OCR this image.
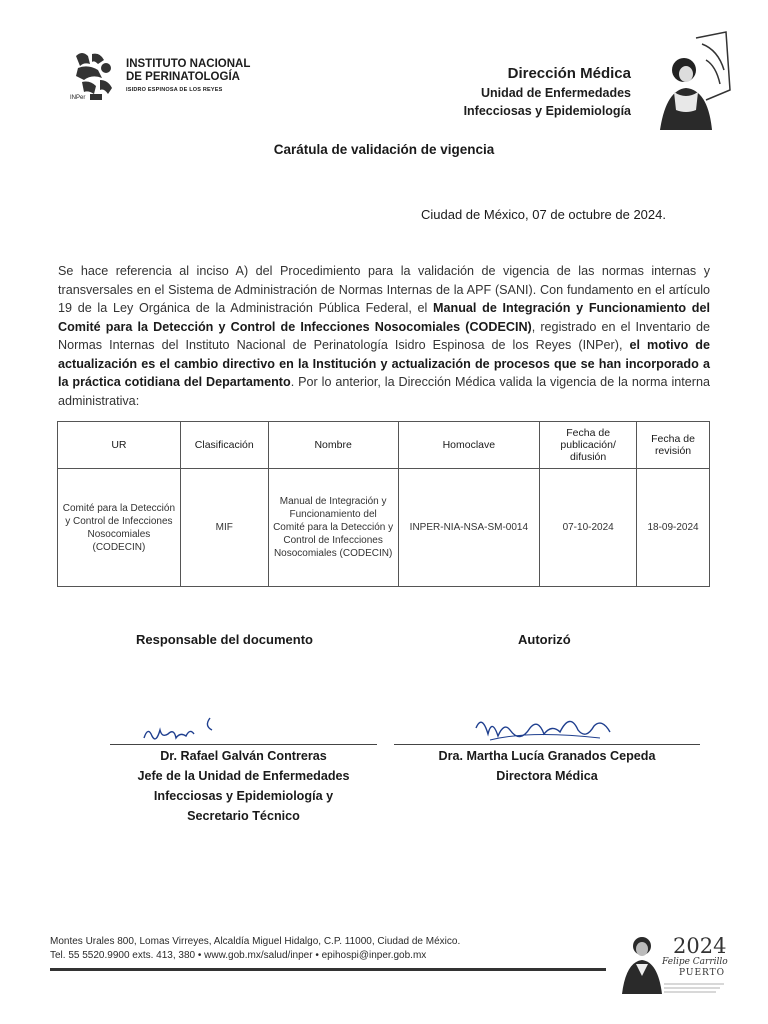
INSTITUTO NACIONAL
DE PERINATOLOGÍA
ISIDRO ESPINOSA DE LOS REYES
INPer
Dirección Médica
Unidad de Enfermedades
Infecciosas y Epidemiología
Carátula de validación de vigencia
Ciudad de México, 07 de octubre de 2024.
Se hace referencia al inciso A) del Procedimiento para la validación de vigencia de las normas internas y transversales en el Sistema de Administración de Normas Internas de la APF (SANI). Con fundamento en el artículo 19 de la Ley Orgánica de la Administración Pública Federal, el Manual de Integración y Funcionamiento del Comité para la Detección y Control de Infecciones Nosocomiales (CODECIN), registrado en el Inventario de Normas Internas del Instituto Nacional de Perinatología Isidro Espinosa de los Reyes (INPer), el motivo de actualización es el cambio directivo en la Institución y actualización de procesos que se han incorporado a la práctica cotidiana del Departamento. Por lo anterior, la Dirección Médica valida la vigencia de la norma interna administrativa:
UR	Clasificación	Nombre	Homoclave	Fecha de publicación/ difusión	Fecha de revisión
Comité para la Detección y Control de Infecciones Nosocomiales (CODECIN)	MIF	Manual de Integración y Funcionamiento del Comité para la Detección y Control de Infecciones Nosocomiales (CODECIN)	INPER-NIA-NSA-SM-0014	07-10-2024	18-09-2024
Responsable del documento	Autorizó
Dr. Rafael Galván Contreras
Jefe de la Unidad de Enfermedades
Infecciosas y Epidemiología y
Secretario Técnico
Dra. Martha Lucía Granados Cepeda
Directora Médica
Montes Urales 800, Lomas Virreyes, Alcaldía Miguel Hidalgo, C.P. 11000, Ciudad de México.
Tel. 55 5520.9900 exts. 413, 380 • www.gob.mx/salud/inper • epihospi@inper.gob.mx	2024
Felipe Carrillo
PUERTO
